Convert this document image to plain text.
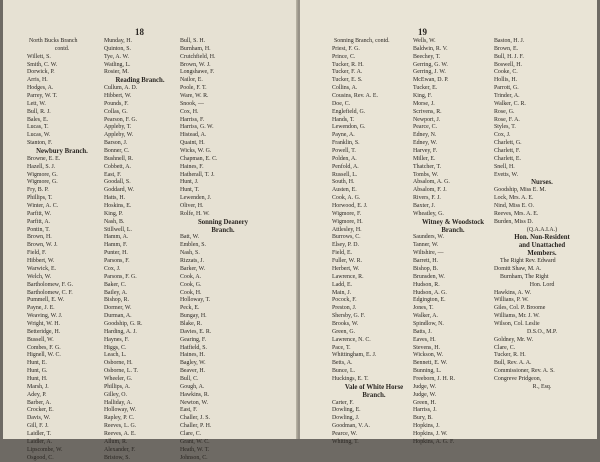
18
North Bucks Branch
contd.
Willett, S.
Smith, C. W.
Dorwick, P.
Arris, H.
Hodges, A.
Parrey, W. T.
Lett, W.
Bull, R. J.
Bales, E.
Lucas, T.
Lucas, W.
Stanton, F.
Newbury Branch.
Browne, E. E.
Hazell, S. J.
Wigmore, G.
Wigmore, G.
Fry, B. P.
Phillips, T.
Winter, A. C.
Parfitt, W.
Parfitt, A.
Pontin, T.
Brown, H.
Brown, W. J.
Field, F.
Hibbert, W.
Warwick, E.
Welch, W.
Bartholomew, F. G.
Bartholomew, C. F.
Pummell, E. W.
Payne, J. E.
Weaving, W. J.
Wright, W. H.
Betteridge, H.
Bussell, W.
Combes, F. G.
Hignell, W. C.
Hunt, E.
Hunt, G.
Hunt, H.
Marsh, J.
Adey, P.
Barber, A.
Crocker, E.
Davis, W.
Gill, F. J.
Laidler, T.
Laidler, A.
Lipscombe, W.
Osgood, C.
Munday, H.
Quinton, S.
Tye, A. W.
Watling, L.
Rosier, M.
Reading Branch.
Cullum, A. D.
Hibbert, W.
Pounds, F.
Collas, G.
Pearson, F. G.
Appleby, T.
Appleby, W.
Barson, J.
Bonner, C.
Bushnell, R.
Cobbett, A.
East, F.
Goodall, S.
Goddard, W.
Hatts, H.
Hoskins, E.
King, P.
Nash, B.
Stillwell, L.
Hamm, A.
Hamm, F.
Punter, H.
Parsons, F.
Cox, J.
Parsons, F. G.
Baker, C.
Bailey, A.
Bishop, R.
Dormer, W.
Durman, A.
Goodship, G. R.
Harding, A. J.
Haynes, F.
Higgs, C.
Leach, L.
Osborne, H.
Osborne, L. T.
Wheeler, G.
Phillips, A.
Gilley, O.
Halliday, A.
Holloway, W.
Rapley, P. C.
Reeves, L. G.
Reeves, A. E.
Allum, R.
Alexander, F.
Bristow, S.
Bull, S. H.
Burnham, H.
Crutchfield, H.
Brown, W. J.
Longshawe, F.
Nailor, E.
Poole, F. T.
Ware, W. R.
Snook, —
Cox, H.
Harriss, F.
Harriss, G. W.
Histead, A.
Quaint, H.
Wicks, W. G.
Chapman, E. C.
Haines, F.
Hatherall, T. J.
Hunt, J.
Hunt, T.
Lewenden, J.
Oliver, H.
Rolfe, H. W.
Sonning Deanery
Branch.
Batt, W.
Emblen, S.
Nash, S.
Rizzats, J.
Barker, W.
Cook, A.
Cook, G.
Cook, H.
Holloway, T.
Peck, E.
Bungay, H.
Blake, R.
Davies, E. R.
Gearing, F.
Hatfield, S.
Haines, H.
Bagley, W.
Beaver, H.
Bull, C.
Gough, A.
Hawkins, R.
Newton, W.
East, F.
Challer, J. S.
Challer, P. H.
Clare, C.
Grant, W. C.
Heath, W. T.
Johnson, C.
19
Sonning Branch, contd.
Priest, F. G.
Prince, C.
Tucker, R. H.
Tucker, F. A.
Tucker, E. S.
Collins, A.
Cousins, Rev. A. E.
Doe, C.
Englefield, G.
Hands, T.
Lewendon, G.
Payne, A.
Franklin, S.
Powell, T.
Polden, A.
Penfold, A.
Russell, L.
South, H.
Austen, E.
Cook, A. G.
Horwood, E. J.
Wigmore, F.
Wigmore, H.
Attlesley, H.
Burrows, C.
Elsey, P. D.
Field, E.
Fuller, W. R.
Herbert, W.
Lawrence, R.
Ladd, E.
Main, J.
Pocock, F.
Preston, J.
Shersby, G. F.
Brooks, W.
Green, G.
Lawrence, N. C.
Pace, T.
Whittingham, E. J.
Betts, A.
Bunce, L.
Huckings, E. T.
Vale of White Horse
Branch.
Carter, F.
Dowling, E.
Dowling, J.
Goodman, V. A.
Pearce, W.
Whiting, T.
Wells, W.
Baldwin, R. V.
Beechey, T.
Gerring, G. W.
Gerring, J. W.
McEwan, D. P.
Tucker, E.
King, F.
Morse, J.
Scrivens, R.
Newport, J.
Pearce, C.
Edney, N.
Edney, W.
Harvey, F.
Miller, E.
Thatcher, T.
Tombs, W.
Absalom, A. G.
Absalom, F. J.
Rivers, F. J.
Baxter, J.
Wheatley, G.
Witney & Woodstock
Branch.
Saunders, W.
Tanner, W.
Wiltshire, —
Barrett, H.
Bishop, B.
Brunsden, W.
Hudson, R.
Hudson, A. G.
Edgington, E.
Jones, T.
Walker, A.
Spindlow, N.
Batts, J.
Eaves, H.
Stevens, H.
Wickson, W.
Bennett, E. W.
Bunning, L.
Freeborn, J. H. R.
Judge, W.
Judge, W.
Green, H.
Harriss, J.
Bury, B.
Hopkins, J.
Hopkins, J. W.
Hopkins, A. G. F.
Baston, H. J.
Brown, E.
Bull, H. J. F.
Boswell, H.
Cooke, C.
Hollis, H.
Parrott, G.
Trinder, A.
Walker, C. R.
Rose, G.
Rose, F. A.
Styles, T.
Cox, J.
Charlett, G.
Charlett, F.
Charlett, E.
Snell, H.
Evetts, W.
Nurses.
Goodship, Miss E. M.
Lock, Mrs. A. E.
Nind, Miss E. O.
Reeves, Mrs. A. E.
Burden, Miss D.
(Q.A.A.I.A.)
Hon. Non-Resident
and Unattached
Members.
The Right Rev. Edward
Domitt Shaw, M. A.
Burnham, The Right
Hon. Lord
Hawkins, A. W.
Willians, P. W.
Giles, Col. P. Broome
Williams, Mr. J. W.
Wilson, Col. Leslie
D.S.O., M.P.
Goldney, Mr. W.
Clare, C.
Tucker, R. H.
Bull, Rev. A. A.
Commissioner, Rev. A. S.
Congreve Pridgeon,
R., Esq.
